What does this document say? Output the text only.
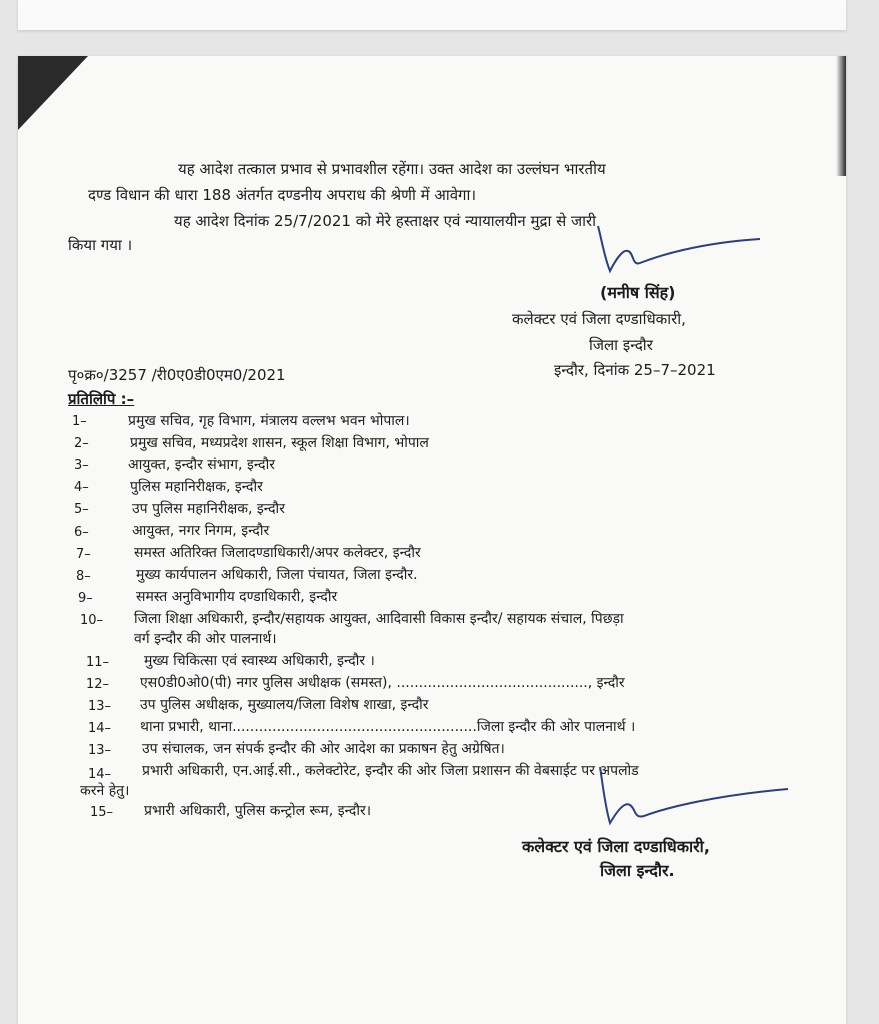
यह आदेश तत्काल प्रभाव से प्रभावशील रहेंगा। उक्त आदेश का उल्लंघन भारतीय
दण्ड विधान की धारा 188 अंतर्गत दण्डनीय अपराध की श्रेणी में आवेगा।
यह आदेश दिनांक 25/7/2021 को मेरे हस्ताक्षर एवं न्यायालयीन मुद्रा से जारी
किया गया ।
(मनीष सिंह)
कलेक्टर एवं जिला दण्डाधिकारी,
जिला इन्दौर
पृ०क्र०/3257 /री0ए0डी0एम0/2021	इन्दौर, दिनांक 25–7–2021
प्रतिलिपि :–
1–	प्रमुख सचिव, गृह विभाग, मंत्रालय वल्लभ भवन भोपाल।
2–	प्रमुख सचिव, मध्यप्रदेश शासन, स्कूल शिक्षा विभाग, भोपाल
3–	आयुक्त, इन्दौर संभाग, इन्दौर
4–	पुलिस महानिरीक्षक, इन्दौर
5–	उप पुलिस महानिरीक्षक, इन्दौर
6–	आयुक्त, नगर निगम, इन्दौर
7–	समस्त अतिरिक्त जिलादण्डाधिकारी/अपर कलेक्टर, इन्दौर
8–	मुख्य कार्यपालन अधिकारी, जिला पंचायत, जिला इन्दौर.
9–	समस्त अनुविभागीय दण्डाधिकारी, इन्दौर
10– जिला शिक्षा अधिकारी, इन्दौर/सहायक आयुक्त, आदिवासी विकास इन्दौर/ सहायक संचाल, पिछड़ा
वर्ग इन्दौर की ओर पालनार्थ।
11– मुख्य चिकित्सा एवं स्वास्थ्य अधिकारी, इन्दौर ।
12– एस0डी0ओ0(पी) नगर पुलिस अधीक्षक (समस्त), ..........................................., इन्दौर
13– उप पुलिस अधीक्षक, मुख्यालय/जिला विशेष शाखा, इन्दौर
14– थाना प्रभारी, थाना.......................................................जिला इन्दौर की ओर पालनार्थ ।
13– उप संचालक, जन संपर्क इन्दौर की ओर आदेश का प्रकाषन हेतु अग्रेषित।
14– प्रभारी अधिकारी, एन.आई.सी., कलेक्टोरेट, इन्दौर की ओर जिला प्रशासन की वेबसाईट पर अपलोड
करने हेतु।
15– प्रभारी अधिकारी, पुलिस कन्ट्रोल रूम, इन्दौर।
कलेक्टर एवं जिला दण्डाधिकारी,
जिला इन्दौर.
